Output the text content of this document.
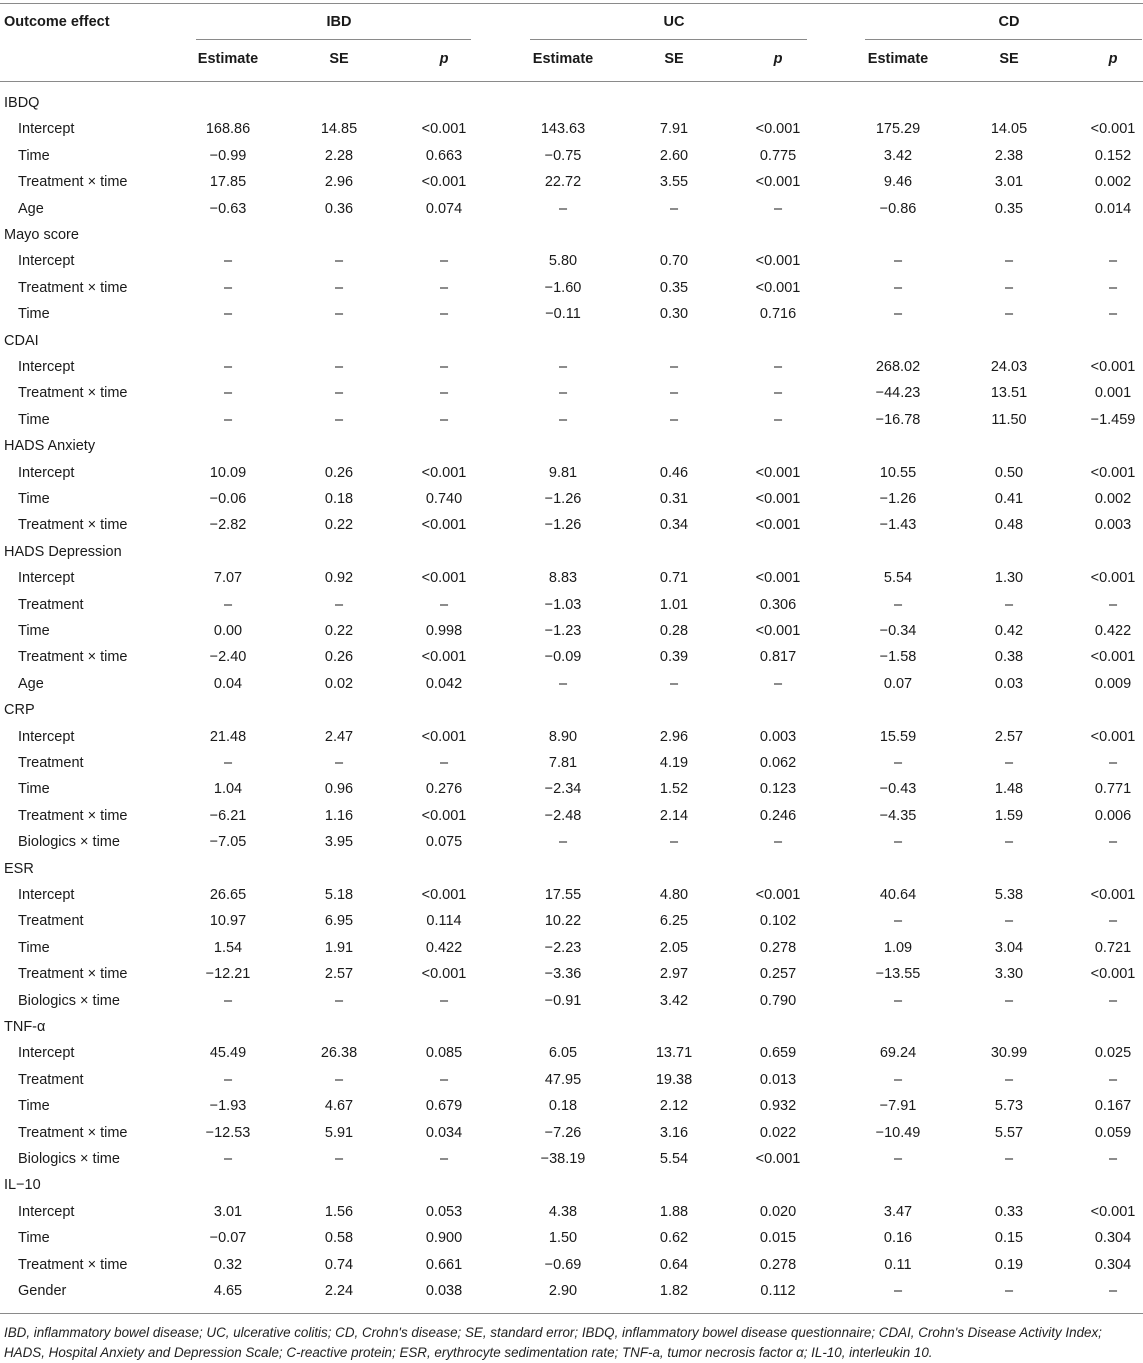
Outcome effect	IBD	UC	CD
Estimate	SE	p	Estimate	SE	p	Estimate	SE	p
IBDQ
Intercept	168.86	14.85	<0.001	143.63	7.91	<0.001	175.29	14.05	<0.001
Time	−0.99	2.28	0.663	−0.75	2.60	0.775	3.42	2.38	0.152
Treatment × time	17.85	2.96	<0.001	22.72	3.55	<0.001	9.46	3.01	0.002
Age	−0.63	0.36	0.074	–	–	–	−0.86	0.35	0.014
Mayo score
Intercept	–	–	–	5.80	0.70	<0.001	–	–	–
Treatment × time	–	–	–	−1.60	0.35	<0.001	–	–	–
Time	–	–	–	−0.11	0.30	0.716	–	–	–
CDAI
Intercept	–	–	–	–	–	–	268.02	24.03	<0.001
Treatment × time	–	–	–	–	–	–	−44.23	13.51	0.001
Time	–	–	–	–	–	–	−16.78	11.50	−1.459
HADS Anxiety
Intercept	10.09	0.26	<0.001	9.81	0.46	<0.001	10.55	0.50	<0.001
Time	−0.06	0.18	0.740	−1.26	0.31	<0.001	−1.26	0.41	0.002
Treatment × time	−2.82	0.22	<0.001	−1.26	0.34	<0.001	−1.43	0.48	0.003
HADS Depression
Intercept	7.07	0.92	<0.001	8.83	0.71	<0.001	5.54	1.30	<0.001
Treatment	–	–	–	−1.03	1.01	0.306	–	–	–
Time	0.00	0.22	0.998	−1.23	0.28	<0.001	−0.34	0.42	0.422
Treatment × time	−2.40	0.26	<0.001	−0.09	0.39	0.817	−1.58	0.38	<0.001
Age	0.04	0.02	0.042	–	–	–	0.07	0.03	0.009
CRP
Intercept	21.48	2.47	<0.001	8.90	2.96	0.003	15.59	2.57	<0.001
Treatment	–	–	–	7.81	4.19	0.062	–	–	–
Time	1.04	0.96	0.276	−2.34	1.52	0.123	−0.43	1.48	0.771
Treatment × time	−6.21	1.16	<0.001	−2.48	2.14	0.246	−4.35	1.59	0.006
Biologics × time	−7.05	3.95	0.075	–	–	–	–	–	–
ESR
Intercept	26.65	5.18	<0.001	17.55	4.80	<0.001	40.64	5.38	<0.001
Treatment	10.97	6.95	0.114	10.22	6.25	0.102	–	–	–
Time	1.54	1.91	0.422	−2.23	2.05	0.278	1.09	3.04	0.721
Treatment × time	−12.21	2.57	<0.001	−3.36	2.97	0.257	−13.55	3.30	<0.001
Biologics × time	–	–	–	−0.91	3.42	0.790	–	–	–
TNF-α
Intercept	45.49	26.38	0.085	6.05	13.71	0.659	69.24	30.99	0.025
Treatment	–	–	–	47.95	19.38	0.013	–	–	–
Time	−1.93	4.67	0.679	0.18	2.12	0.932	−7.91	5.73	0.167
Treatment × time	−12.53	5.91	0.034	−7.26	3.16	0.022	−10.49	5.57	0.059
Biologics × time	–	–	–	−38.19	5.54	<0.001	–	–	–
IL−10
Intercept	3.01	1.56	0.053	4.38	1.88	0.020	3.47	0.33	<0.001
Time	−0.07	0.58	0.900	1.50	0.62	0.015	0.16	0.15	0.304
Treatment × time	0.32	0.74	0.661	−0.69	0.64	0.278	0.11	0.19	0.304
Gender	4.65	2.24	0.038	2.90	1.82	0.112	–	–	–
IBD, inflammatory bowel disease; UC, ulcerative colitis; CD, Crohn's disease; SE, standard error; IBDQ, inflammatory bowel disease questionnaire; CDAI, Crohn's Disease Activity Index; HADS, Hospital Anxiety and Depression Scale; C-reactive protein; ESR, erythrocyte sedimentation rate; TNF-a, tumor necrosis factor α; IL-10, interleukin 10.
